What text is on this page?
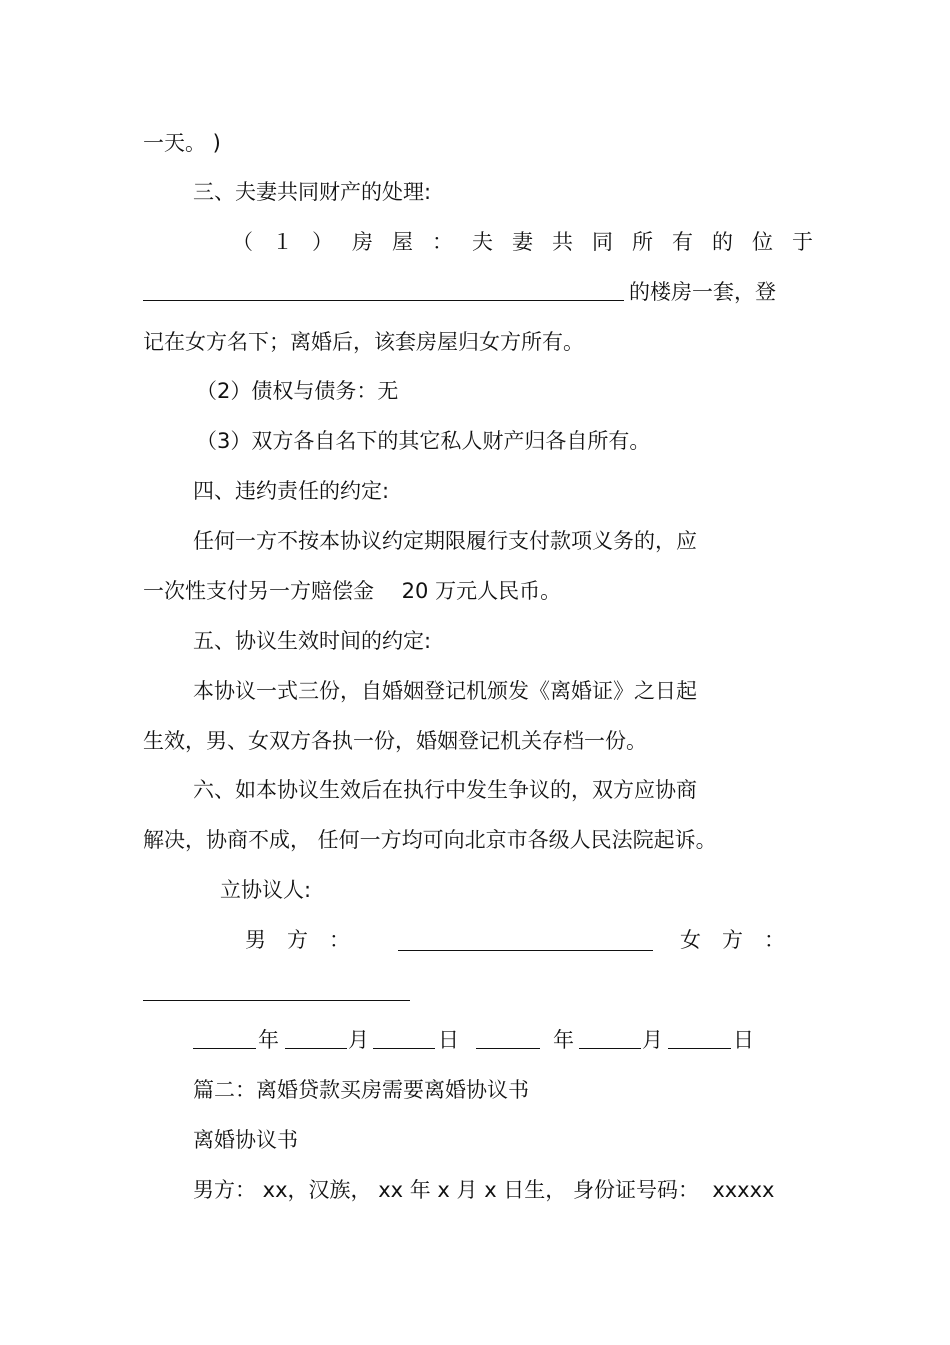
一天。 )
三、夫妻共同财产的处理:
（１）房屋：夫妻共同所有的位于
的楼房一套，登
记在女方名下；离婚后，该套房屋归女方所有。
（2）债权与债务：无
（3）双方各自名下的其它私人财产归各自所有。
四、违约责任的约定:
任何一方不按本协议约定期限履行支付款项义务的，应
一次性支付另一方赔偿金　 20 万元人民币。
五、协议生效时间的约定:
本协议一式三份，自婚姻登记机颁发《离婚证》之日起
生效，男、女双方各执一份，婚姻登记机关存档一份。
六、如本协议生效后在执行中发生争议的，双方应协商
解决，协商不成， 任何一方均可向北京市各级人民法院起诉。
立协议人:
男　方　：	女　方　：
年	月	日	年	月	日
篇二：离婚贷款买房需要离婚协议书
离婚协议书
男方： xx，汉族， xx 年 x 月 x 日生， 身份证号码：  xxxxx
